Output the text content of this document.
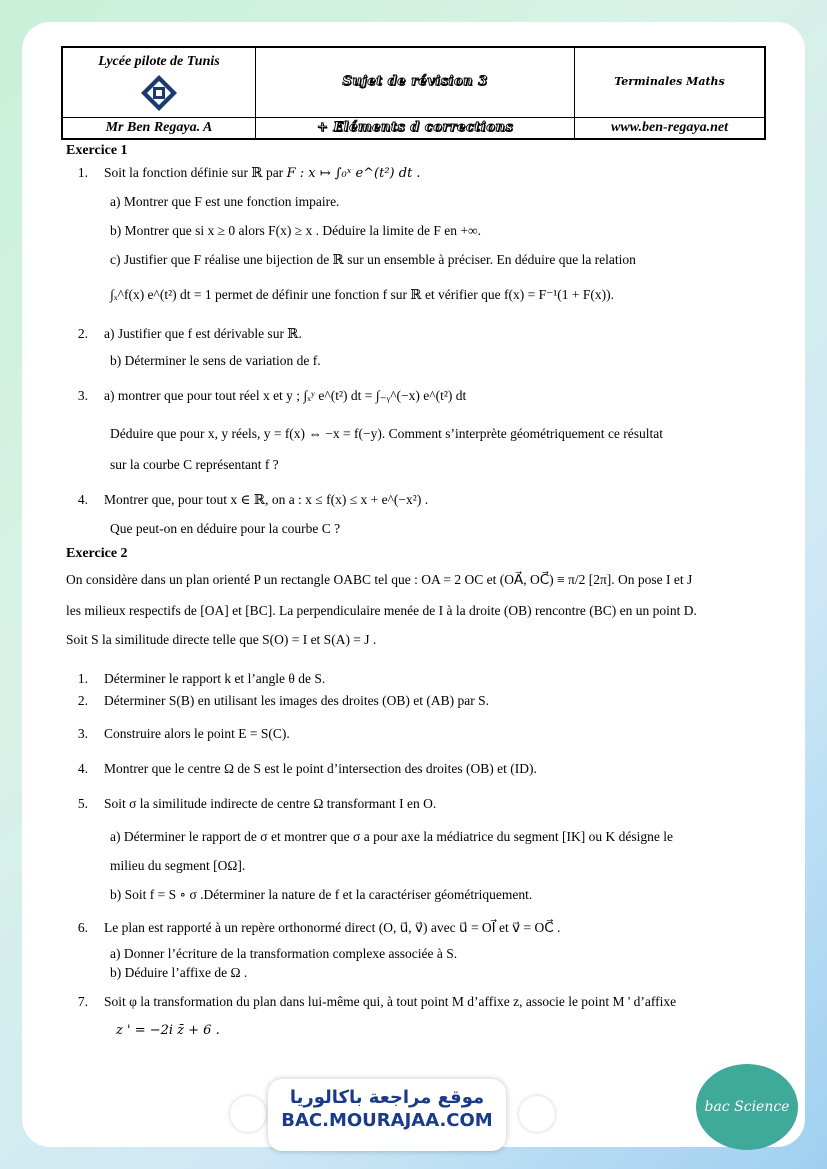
Lycée pilote de Tunis	Sujet de révision 3	Terminales Maths
Mr Ben Regaya. A	+ Eléments d corrections	www.ben-regaya.net
Exercice 1
1.	Soit la fonction définie sur ℝ par
F : x ↦ ∫₀ˣ e^(t²) dt .
a) Montrer que F est une fonction impaire.
b) Montrer que si x ≥ 0 alors F(x) ≥ x . Déduire la limite de F en +∞.
c) Justifier que F réalise une bijection de ℝ sur un ensemble à préciser. En déduire que la relation
∫ₓ^f(x) e^(t²) dt = 1 permet de définir une fonction f sur ℝ et vérifier que f(x) = F⁻¹(1 + F(x)).
2.	a) Justifier que f est dérivable sur ℝ.
b) Déterminer le sens de variation de f.
3.	a) montrer que pour tout réel x et y ; ∫ₓʸ e^(t²) dt = ∫₋ᵧ^(−x) e^(t²) dt
Déduire que pour x, y réels, y = f(x) ⇔ −x = f(−y). Comment s’interprète géométriquement ce résultat
sur la courbe C représentant f ?
4.	Montrer que, pour tout x ∈ ℝ, on a : x ≤ f(x) ≤ x + e^(−x²) .
Que peut-on en déduire pour la courbe C ?
Exercice 2
On considère dans un plan orienté P un rectangle OABC tel que : OA = 2 OC et (OA⃗, OC⃗) ≡ π/2 [2π]. On pose I et J
les milieux respectifs de [OA] et [BC]. La perpendiculaire menée de I à la droite (OB) rencontre (BC) en un point D.
Soit S la similitude directe telle que S(O) = I et S(A) = J .
1.	Déterminer le rapport k et l’angle θ de S.
2.	Déterminer S(B) en utilisant les images des droites (OB) et (AB) par S.
3.	Construire alors le point E = S(C).
4.	Montrer que le centre Ω de S est le point d’intersection des droites (OB) et (ID).
5.	Soit σ la similitude indirecte de centre Ω transformant I en O.
a) Déterminer le rapport de σ et montrer que σ a pour axe la médiatrice du segment [IK] ou K désigne le
milieu du segment [OΩ].
b) Soit f = S ∘ σ .Déterminer la nature de f et la caractériser géométriquement.
6.	Le plan est rapporté à un repère orthonormé direct (O, u⃗, v⃗) avec u⃗ = OI⃗ et v⃗ = OC⃗ .
a) Donner l’écriture de la transformation complexe associée à S.
b) Déduire l’affixe de Ω .
7.	Soit φ la transformation du plan dans lui-même qui, à tout point M d’affixe z, associe le point M ' d’affixe
z ' = −2i z̄ + 6 .
موقع مراجعة باكالوريا
BAC.MOURAJAA.COM
bac Science
